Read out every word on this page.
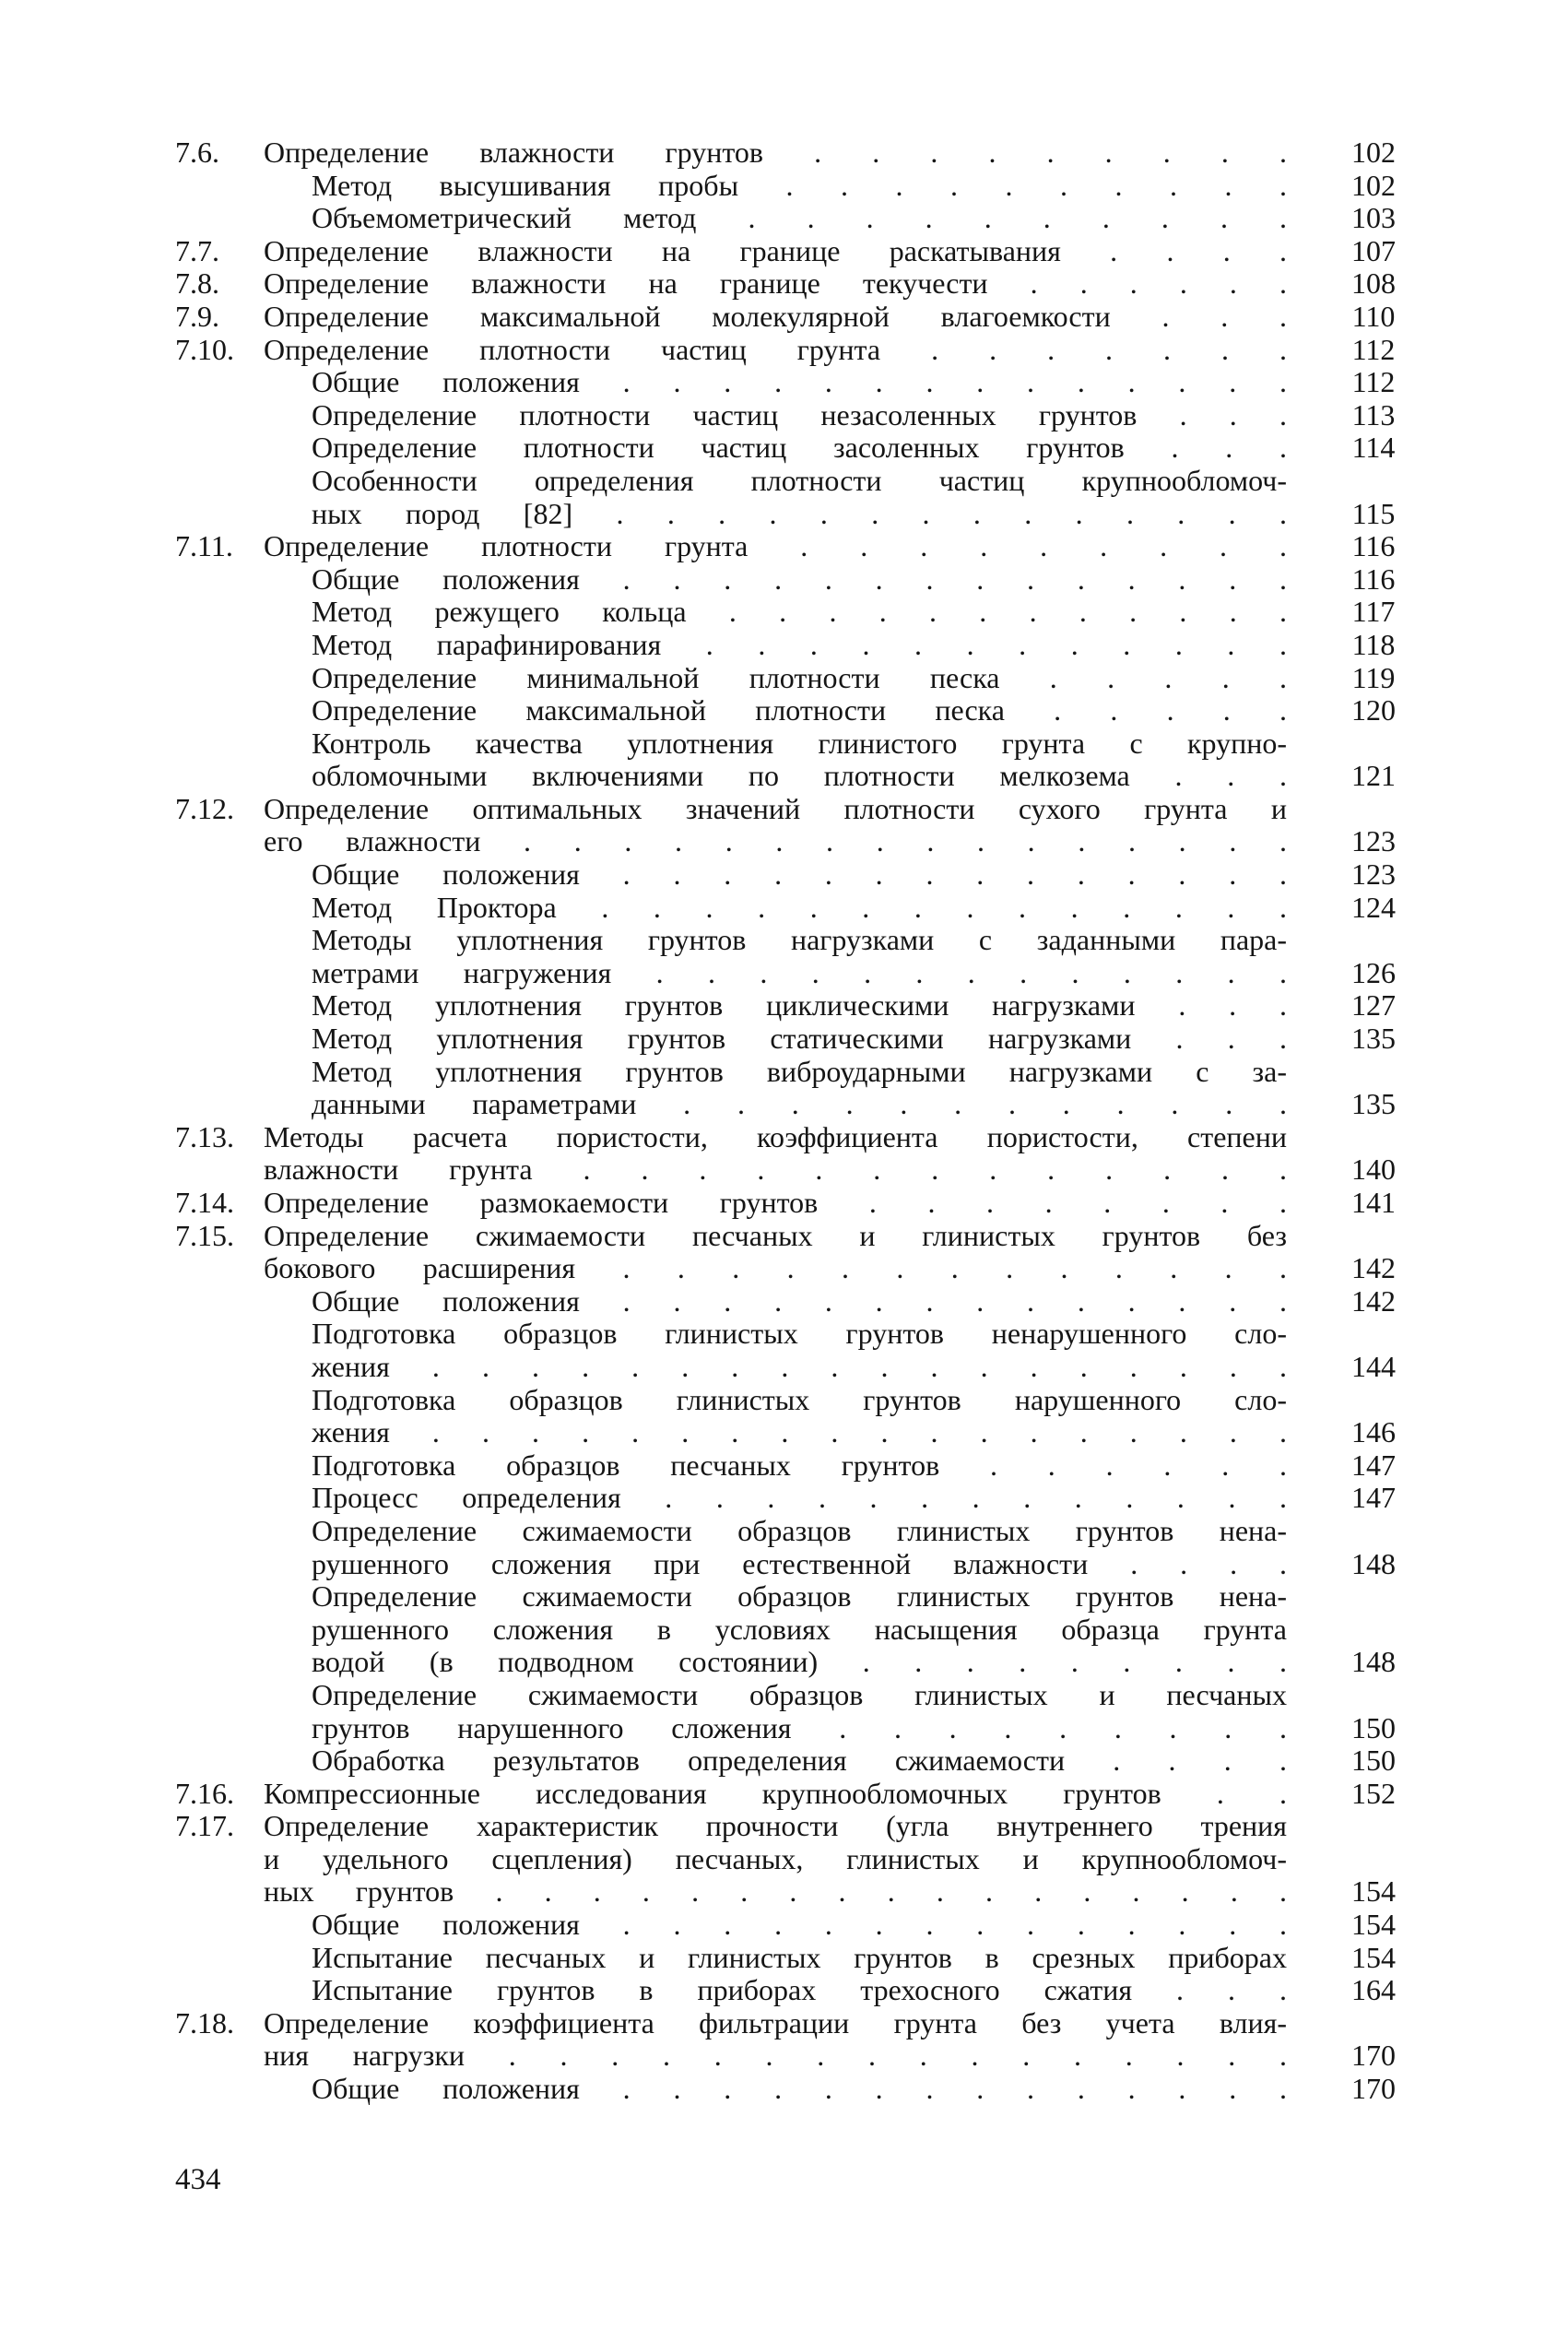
7.6. Определение влажности грунтов . . . . . . . . .	102
Метод высушивания пробы . . . . . . . . . .	102
Объемометрический метод . . . . . . . . . .	103
7.7. Определение влажности на границе раскатывания . . . .	107
7.8. Определение влажности на границе текучести . . . . . .	108
7.9. Определение максимальной молекулярной влагоемкости . . .	110
7.10. Определение плотности частиц грунта . . . . . . .	112
Общие положения . . . . . . . . . . . . . .	112
Определение плотности частиц незасоленных грунтов . . .	113
Определение плотности частиц засоленных грунтов . . .	114
Особенности определения плотности частиц крупнообломоч-
ных пород [82] . . . . . . . . . . . . . .	115
7.11. Определение плотности грунта . . . . . . . . .	116
Общие положения . . . . . . . . . . . . . .	116
Метод режущего кольца . . . . . . . . . . . .	117
Метод парафинирования . . . . . . . . . . . .	118
Определение минимальной плотности песка . . . . .	119
Определение максимальной плотности песка . . . . .	120
Контроль качества уплотнения глинистого грунта с крупно-
обломочными включениями по плотности мелкозема . . .	121
7.12. Определение оптимальных значений плотности сухого грунта и
его влажности . . . . . . . . . . . . . . . .	123
Общие положения . . . . . . . . . . . . . .	123
Метод Проктора . . . . . . . . . . . . . .	124
Методы уплотнения грунтов нагрузками с заданными пара-
метрами нагружения . . . . . . . . . . . . .	126
Метод уплотнения грунтов циклическими нагрузками . . .	127
Метод уплотнения грунтов статическими нагрузками . . .	135
Метод уплотнения грунтов виброударными нагрузками с за-
данными параметрами . . . . . . . . . . . .	135
7.13. Методы расчета пористости, коэффициента пористости, степени
влажности грунта . . . . . . . . . . . . .	140
7.14. Определение размокаемости грунтов . . . . . . . .	141
7.15. Определение сжимаемости песчаных и глинистых грунтов без
бокового расширения . . . . . . . . . . . . .	142
Общие положения . . . . . . . . . . . . . .	142
Подготовка образцов глинистых грунтов ненарушенного сло-
жения . . . . . . . . . . . . . . . . . .	144
Подготовка образцов глинистых грунтов нарушенного сло-
жения . . . . . . . . . . . . . . . . . .	146
Подготовка образцов песчаных грунтов . . . . . .	147
Процесс определения . . . . . . . . . . . . .	147
Определение сжимаемости образцов глинистых грунтов нена-
рушенного сложения при естественной влажности . . . .	148
Определение сжимаемости образцов глинистых грунтов нена-
рушенного сложения в условиях насыщения образца грунта
водой (в подводном состоянии) . . . . . . . . .	148
Определение сжимаемости образцов глинистых и песчаных
грунтов нарушенного сложения . . . . . . . . .	150
Обработка результатов определения сжимаемости . . . .	150
7.16. Компрессионные исследования крупнообломочных грунтов . .	152
7.17. Определение характеристик прочности (угла внутреннего трения
и удельного сцепления) песчаных, глинистых и крупнообломоч-
ных грунтов . . . . . . . . . . . . . . . . .	154
Общие положения . . . . . . . . . . . . . .	154
Испытание песчаных и глинистых грунтов в срезных приборах	154
Испытание грунтов в приборах трехосного сжатия . . .	164
7.18. Определение коэффициента фильтрации грунта без учета влия-
ния нагрузки . . . . . . . . . . . . . . . .	170
Общие положения . . . . . . . . . . . . . .	170
434
